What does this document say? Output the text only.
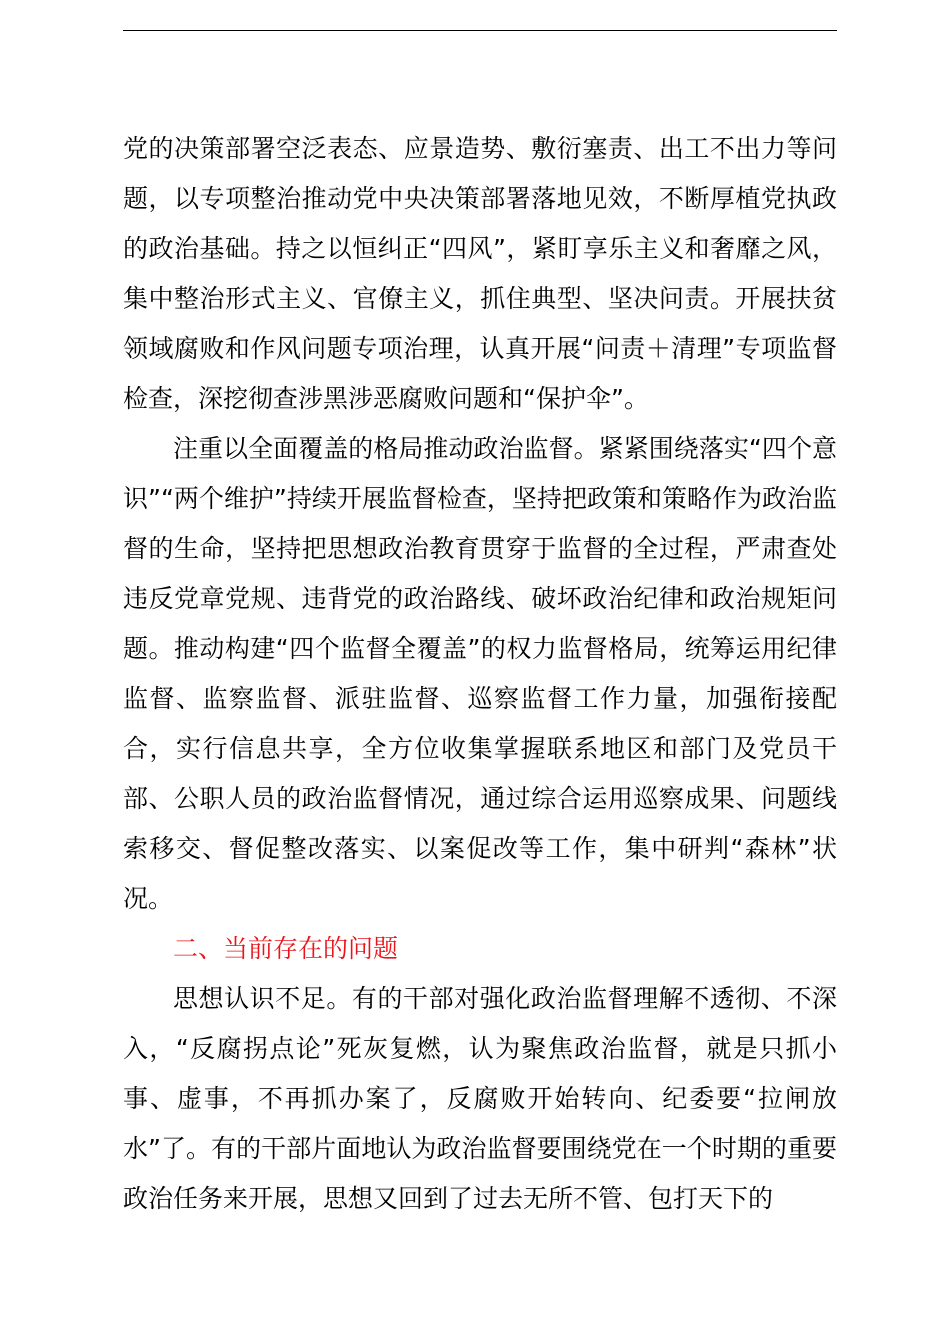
党的决策部署空泛表态、应景造势、敷衍塞责、出工不出力等问题，以专项整治推动党中央决策部署落地见效，不断厚植党执政的政治基础。持之以恒纠正“四风”，紧盯享乐主义和奢靡之风，集中整治形式主义、官僚主义，抓住典型、坚决问责。开展扶贫领域腐败和作风问题专项治理，认真开展“问责＋清理”专项监督检查，深挖彻查涉黑涉恶腐败问题和“保护伞”。

注重以全面覆盖的格局推动政治监督。紧紧围绕落实“四个意识”“两个维护”持续开展监督检查，坚持把政策和策略作为政治监督的生命，坚持把思想政治教育贯穿于监督的全过程，严肃查处违反党章党规、违背党的政治路线、破坏政治纪律和政治规矩问题。推动构建“四个监督全覆盖”的权力监督格局，统筹运用纪律监督、监察监督、派驻监督、巡察监督工作力量，加强衔接配合，实行信息共享，全方位收集掌握联系地区和部门及党员干部、公职人员的政治监督情况，通过综合运用巡察成果、问题线索移交、督促整改落实、以案促改等工作，集中研判“森林”状况。

二、当前存在的问题

思想认识不足。有的干部对强化政治监督理解不透彻、不深入，“反腐拐点论”死灰复燃，认为聚焦政治监督，就是只抓小事、虚事，不再抓办案了，反腐败开始转向、纪委要“拉闸放水”了。有的干部片面地认为政治监督要围绕党在一个时期的重要政治任务来开展，思想又回到了过去无所不管、包打天下的
